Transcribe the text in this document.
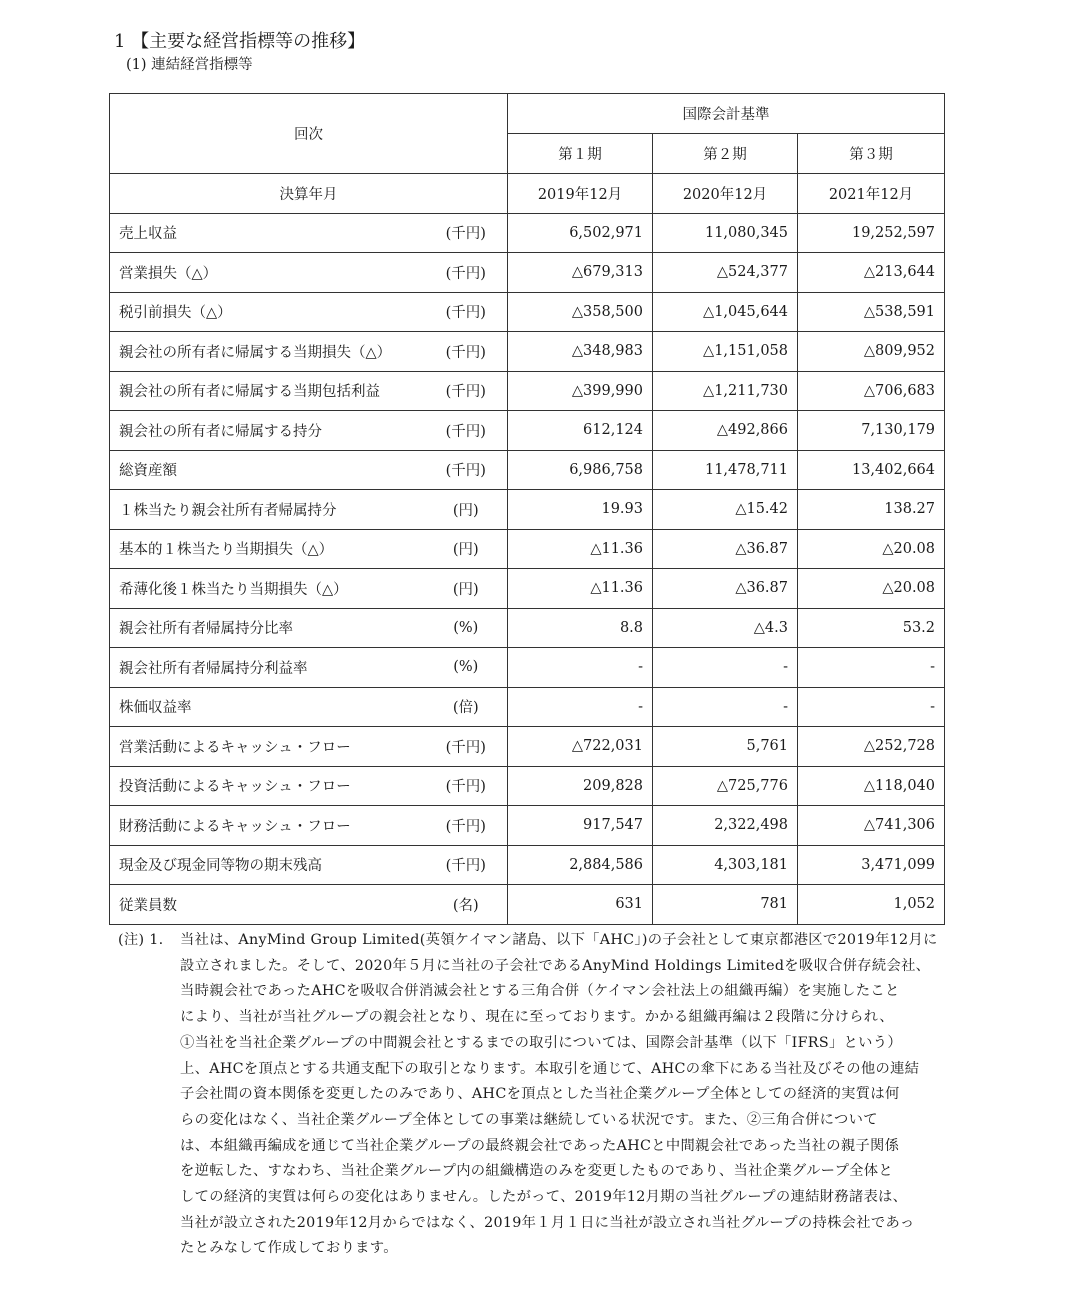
1 【主要な経営指標等の推移】
(1) 連結経営指標等
回次		国際会計基準		
		第１期	第２期	第３期
決算年月		2019年12月	2020年12月	2021年12月
売上収益	(千円)	6,502,971	11,080,345	19,252,597
営業損失（△）	(千円)	△679,313	△524,377	△213,644
税引前損失（△）	(千円)	△358,500	△1,045,644	△538,591
親会社の所有者に帰属する当期損失（△）	(千円)	△348,983	△1,151,058	△809,952
親会社の所有者に帰属する当期包括利益	(千円)	△399,990	△1,211,730	△706,683
親会社の所有者に帰属する持分	(千円)	612,124	△492,866	7,130,179
総資産額	(千円)	6,986,758	11,478,711	13,402,664
１株当たり親会社所有者帰属持分	(円)	19.93	△15.42	138.27
基本的１株当たり当期損失（△）	(円)	△11.36	△36.87	△20.08
希薄化後１株当たり当期損失（△）	(円)	△11.36	△36.87	△20.08
親会社所有者帰属持分比率	(%)	8.8	△4.3	53.2
親会社所有者帰属持分利益率	(%)	-	-	-
株価収益率	(倍)	-	-	-
営業活動によるキャッシュ・フロー	(千円)	△722,031	5,761	△252,728
投資活動によるキャッシュ・フロー	(千円)	209,828	△725,776	△118,040
財務活動によるキャッシュ・フロー	(千円)	917,547	2,322,498	△741,306
現金及び現金同等物の期末残高	(千円)	2,884,586	4,303,181	3,471,099
従業員数	(名)	631	781	1,052
(注) 1.	当社は、AnyMind Group Limited(英領ケイマン諸島、以下「AHC」)の子会社として東京都港区で2019年12月に
設立されました。そして、2020年５月に当社の子会社であるAnyMind Holdings Limitedを吸収合併存続会社、
当時親会社であったAHCを吸収合併消滅会社とする三角合併（ケイマン会社法上の組織再編）を実施したこと
により、当社が当社グループの親会社となり、現在に至っております。かかる組織再編は２段階に分けられ、
①当社を当社企業グループの中間親会社とするまでの取引については、国際会計基準（以下「IFRS」という）
上、AHCを頂点とする共通支配下の取引となります。本取引を通じて、AHCの傘下にある当社及びその他の連結
子会社間の資本関係を変更したのみであり、AHCを頂点とした当社企業グループ全体としての経済的実質は何
らの変化はなく、当社企業グループ全体としての事業は継続している状況です。また、②三角合併について
は、本組織再編成を通じて当社企業グループの最終親会社であったAHCと中間親会社であった当社の親子関係
を逆転した、すなわち、当社企業グループ内の組織構造のみを変更したものであり、当社企業グループ全体と
しての経済的実質は何らの変化はありません。したがって、2019年12月期の当社グループの連結財務諸表は、
当社が設立された2019年12月からではなく、2019年１月１日に当社が設立され当社グループの持株会社であっ
たとみなして作成しております。
